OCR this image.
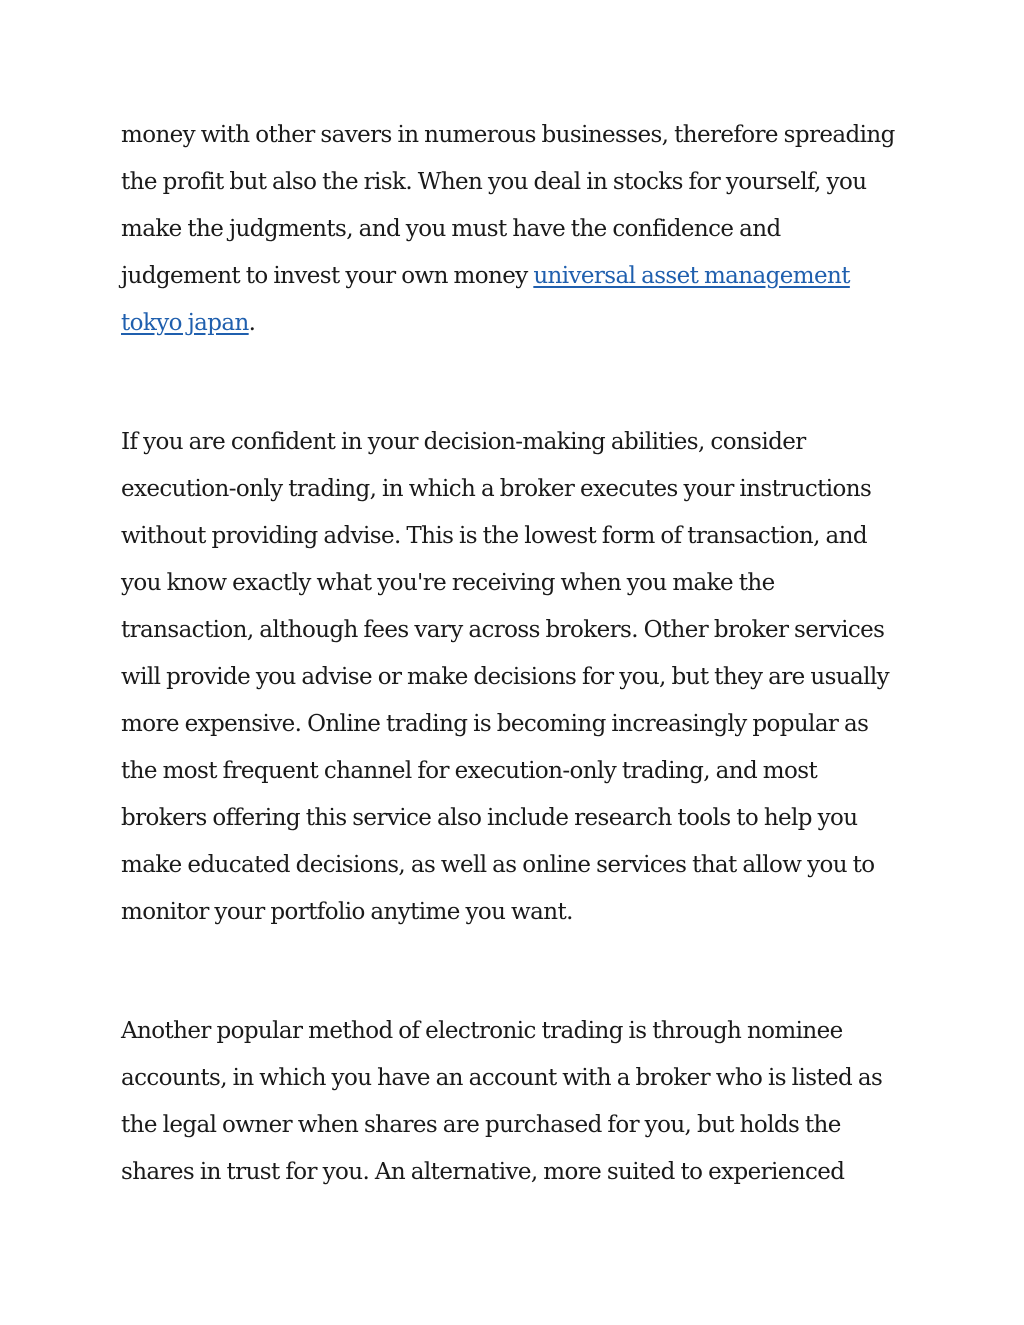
money with other savers in numerous businesses, therefore spreading
the profit but also the risk. When you deal in stocks for yourself, you
make the judgments, and you must have the confidence and
judgement to invest your own money universal asset management
tokyo japan.
If you are confident in your decision-making abilities, consider
execution-only trading, in which a broker executes your instructions
without providing advise. This is the lowest form of transaction, and
you know exactly what you're receiving when you make the
transaction, although fees vary across brokers. Other broker services
will provide you advise or make decisions for you, but they are usually
more expensive. Online trading is becoming increasingly popular as
the most frequent channel for execution-only trading, and most
brokers offering this service also include research tools to help you
make educated decisions, as well as online services that allow you to
monitor your portfolio anytime you want.
Another popular method of electronic trading is through nominee
accounts, in which you have an account with a broker who is listed as
the legal owner when shares are purchased for you, but holds the
shares in trust for you. An alternative, more suited to experienced
